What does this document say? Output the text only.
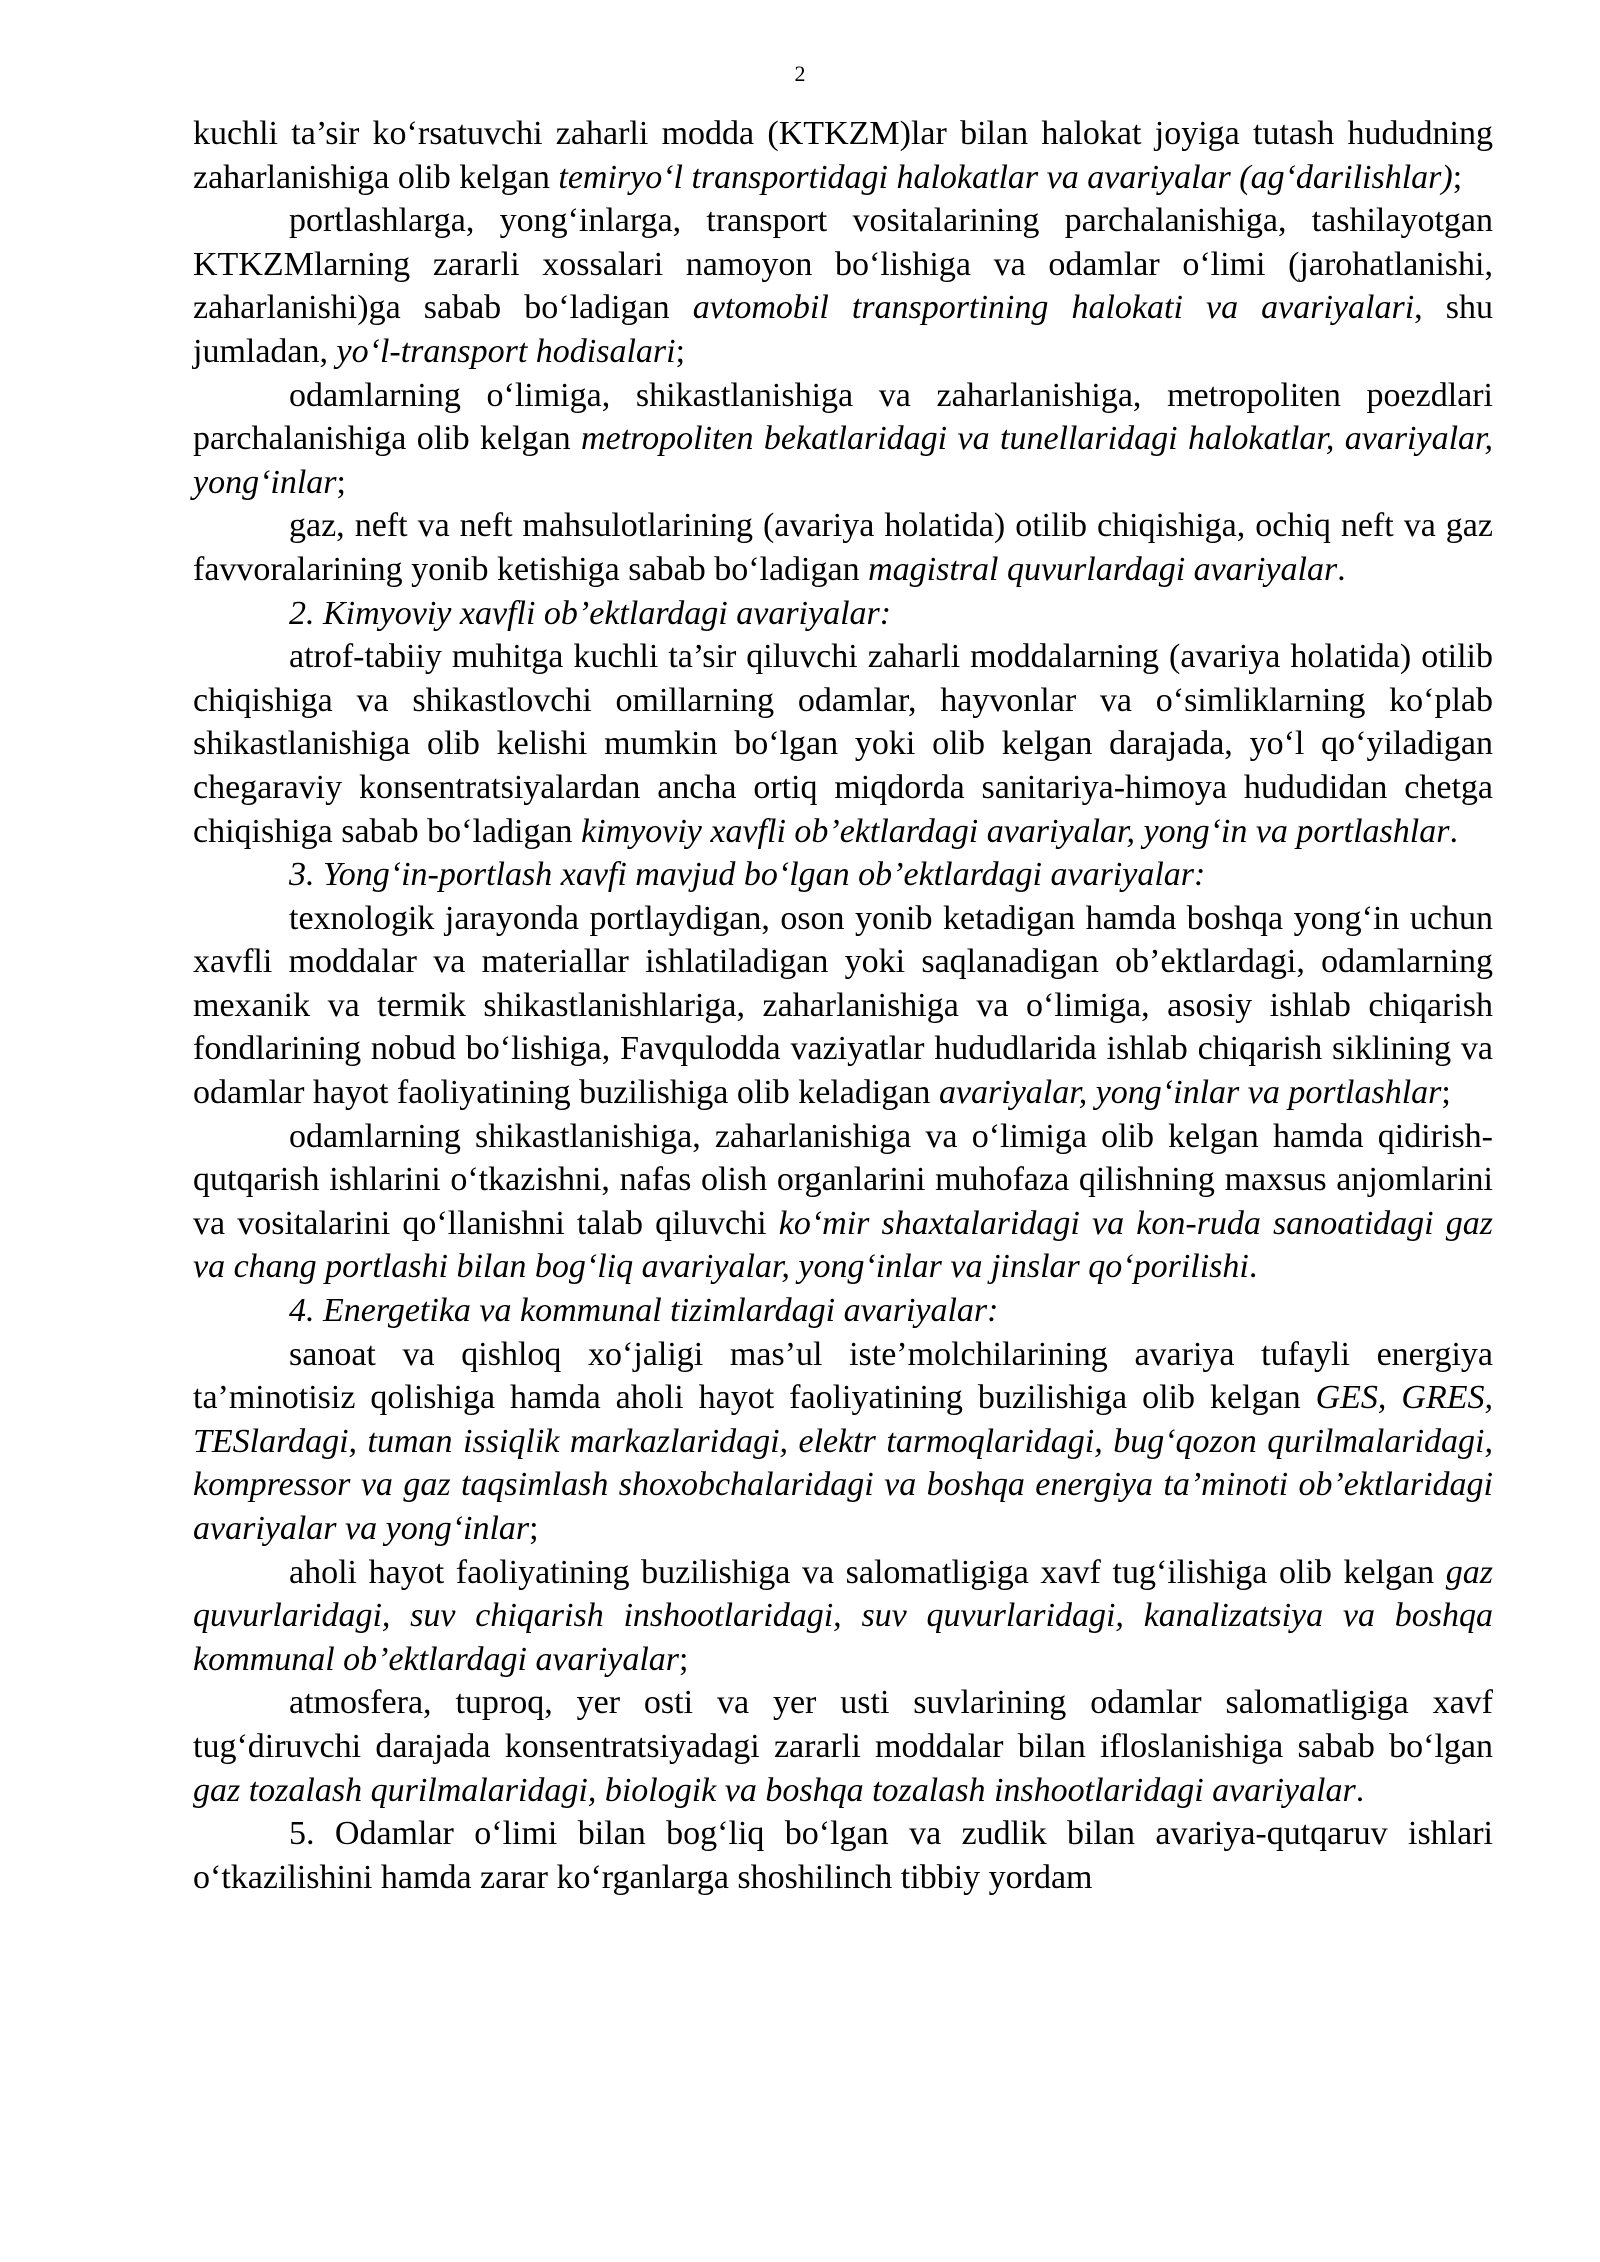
2

kuchli ta’sir ko‘rsatuvchi zaharli modda (KTKZM)lar bilan halokat joyiga tutash hududning zaharlanishiga olib kelgan temiryo‘l transportidagi halokatlar va avariyalar (ag‘darilishlar);

portlashlarga, yong‘inlarga, transport vositalarining parchalanishiga, tashilayotgan KTKZMlarning zararli xossalari namoyon bo‘lishiga va odamlar o‘limi (jarohatlanishi, zaharlanishi)ga sabab bo‘ladigan avtomobil transportining halokati va avariyalari, shu jumladan, yo‘l-transport hodisalari;

odamlarning o‘limiga, shikastlanishiga va zaharlanishiga, metropoliten poezdlari parchalanishiga olib kelgan metropoliten bekatlaridagi va tunellaridagi halokatlar, avariyalar, yong‘inlar;

gaz, neft va neft mahsulotlarining (avariya holatida) otilib chiqishiga, ochiq neft va gaz favvoralarining yonib ketishiga sabab bo‘ladigan magistral quvurlardagi avariyalar.

2. Kimyoviy xavfli ob’ektlardagi avariyalar:

atrof-tabiiy muhitga kuchli ta’sir qiluvchi zaharli moddalarning (avariya holatida) otilib chiqishiga va shikastlovchi omillarning odamlar, hayvonlar va o‘simliklarning ko‘plab shikastlanishiga olib kelishi mumkin bo‘lgan yoki olib kelgan darajada, yo‘l qo‘yiladigan chegaraviy konsentratsiyalardan ancha ortiq miqdorda sanitariya-himoya hududidan chetga chiqishiga sabab bo‘ladigan kimyoviy xavfli ob’ektlardagi avariyalar, yong‘in va portlashlar.

3. Yong‘in-portlash xavfi mavjud bo‘lgan ob’ektlardagi avariyalar:

texnologik jarayonda portlaydigan, oson yonib ketadigan hamda boshqa yong‘in uchun xavfli moddalar va materiallar ishlatiladigan yoki saqlanadigan ob’ektlardagi, odamlarning mexanik va termik shikastlanishlariga, zaharlanishiga va o‘limiga, asosiy ishlab chiqarish fondlarining nobud bo‘lishiga, Favqulodda vaziyatlar hududlarida ishlab chiqarish siklining va odamlar hayot faoliyatining buzilishiga olib keladigan avariyalar, yong‘inlar va portlashlar;

odamlarning shikastlanishiga, zaharlanishiga va o‘limiga olib kelgan hamda qidirish-qutqarish ishlarini o‘tkazishni, nafas olish organlarini muhofaza qilishning maxsus anjomlarini va vositalarini qo‘llanishni talab qiluvchi ko‘mir shaxtalaridagi va kon-ruda sanoatidagi gaz va chang portlashi bilan bog‘liq avariyalar, yong‘inlar va jinslar qo‘porilishi.

4. Energetika va kommunal tizimlardagi avariyalar:

sanoat va qishloq xo‘jaligi mas’ul iste’molchilarining avariya tufayli energiya ta’minotisiz qolishiga hamda aholi hayot faoliyatining buzilishiga olib kelgan GES, GRES, TESlardagi, tuman issiqlik markazlaridagi, elektr tarmoqlaridagi, bug‘qozon qurilmalaridagi, kompressor va gaz taqsimlash shoxobchalaridagi va boshqa energiya ta’minoti ob’ektlaridagi avariyalar va yong‘inlar;

aholi hayot faoliyatining buzilishiga va salomatligiga xavf tug‘ilishiga olib kelgan gaz quvurlaridagi, suv chiqarish inshootlaridagi, suv quvurlaridagi, kanalizatsiya va boshqa kommunal ob’ektlardagi avariyalar;

atmosfera, tuproq, yer osti va yer usti suvlarining odamlar salomatligiga xavf tug‘diruvchi darajada konsentratsiyadagi zararli moddalar bilan ifloslanishiga sabab bo‘lgan gaz tozalash qurilmalaridagi, biologik va boshqa tozalash inshootlaridagi avariyalar.

5. Odamlar o‘limi bilan bog‘liq bo‘lgan va zudlik bilan avariya-qutqaruv ishlari o‘tkazilishini hamda zarar ko‘rganlarga shoshilinch tibbiy yordam
